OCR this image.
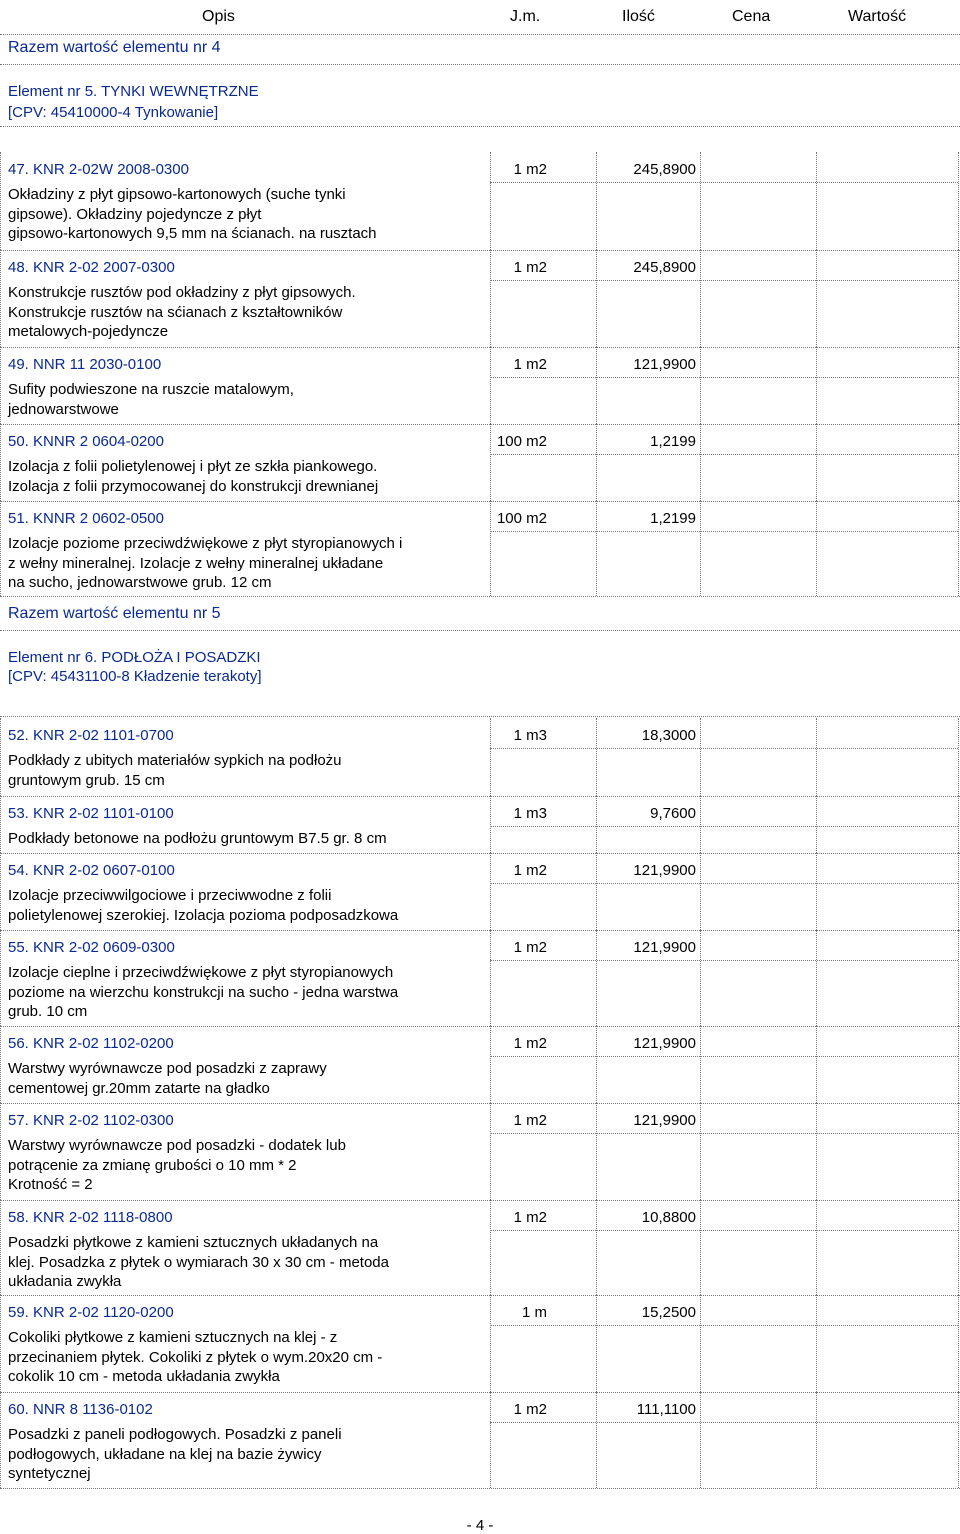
Opis	J.m.	Ilość	Cena	Wartość
Razem wartość elementu nr 4
Element nr 5. TYNKI WEWNĘTRZNE
[CPV: 45410000-4 Tynkowanie]
47. KNR 2-02W 2008-0300	1 m2	245,8900
Okładziny z płyt gipsowo-kartonowych (suche tynki
gipsowe). Okładziny pojedyncze z płyt
gipsowo-kartonowych 9,5 mm na ścianach. na rusztach
48. KNR 2-02 2007-0300	1 m2	245,8900
Konstrukcje rusztów pod okładziny z płyt gipsowych.
Konstrukcje rusztów na sćianach z kształtowników
metalowych-pojedyncze
49. NNR 11 2030-0100	1 m2	121,9900
Sufity podwieszone na ruszcie matalowym,
jednowarstwowe
50. KNNR 2 0604-0200	100 m2	1,2199
Izolacja z folii polietylenowej i płyt ze szkła piankowego.
Izolacja z folii przymocowanej do konstrukcji drewnianej
51. KNNR 2 0602-0500	100 m2	1,2199
Izolacje poziome przeciwdźwiękowe z płyt styropianowych i
z wełny mineralnej. Izolacje z wełny mineralnej układane
na sucho, jednowarstwowe grub. 12 cm
Razem wartość elementu nr 5
Element nr 6. PODŁOŻA I POSADZKI
[CPV: 45431100-8 Kładzenie terakoty]
52. KNR 2-02 1101-0700	1 m3	18,3000
Podkłady z ubitych materiałów sypkich na podłożu
gruntowym grub. 15 cm
53. KNR 2-02 1101-0100	1 m3	9,7600
Podkłady betonowe na podłożu gruntowym B7.5 gr. 8 cm
54. KNR 2-02 0607-0100	1 m2	121,9900
Izolacje przeciwwilgociowe i przeciwwodne z folii
polietylenowej szerokiej. Izolacja pozioma podposadzkowa
55. KNR 2-02 0609-0300	1 m2	121,9900
Izolacje cieplne i przeciwdźwiękowe z płyt styropianowych
poziome na wierzchu konstrukcji na sucho - jedna warstwa
grub. 10 cm
56. KNR 2-02 1102-0200	1 m2	121,9900
Warstwy wyrównawcze pod posadzki z zaprawy
cementowej gr.20mm zatarte na gładko
57. KNR 2-02 1102-0300	1 m2	121,9900
Warstwy wyrównawcze pod posadzki - dodatek lub
potrącenie za zmianę grubości o 10 mm * 2
Krotność = 2
58. KNR 2-02 1118-0800	1 m2	10,8800
Posadzki płytkowe z kamieni sztucznych układanych na
klej. Posadzka z płytek o wymiarach 30 x 30 cm - metoda
układania zwykła
59. KNR 2-02 1120-0200	1 m	15,2500
Cokoliki płytkowe z kamieni sztucznych na klej - z
przecinaniem płytek. Cokoliki z płytek o wym.20x20 cm -
cokolik 10 cm - metoda układania zwykła
60. NNR 8 1136-0102	1 m2	111,1100
Posadzki z paneli podłogowych. Posadzki z paneli
podłogowych, układane na klej na bazie żywicy
syntetycznej
- 4 -
